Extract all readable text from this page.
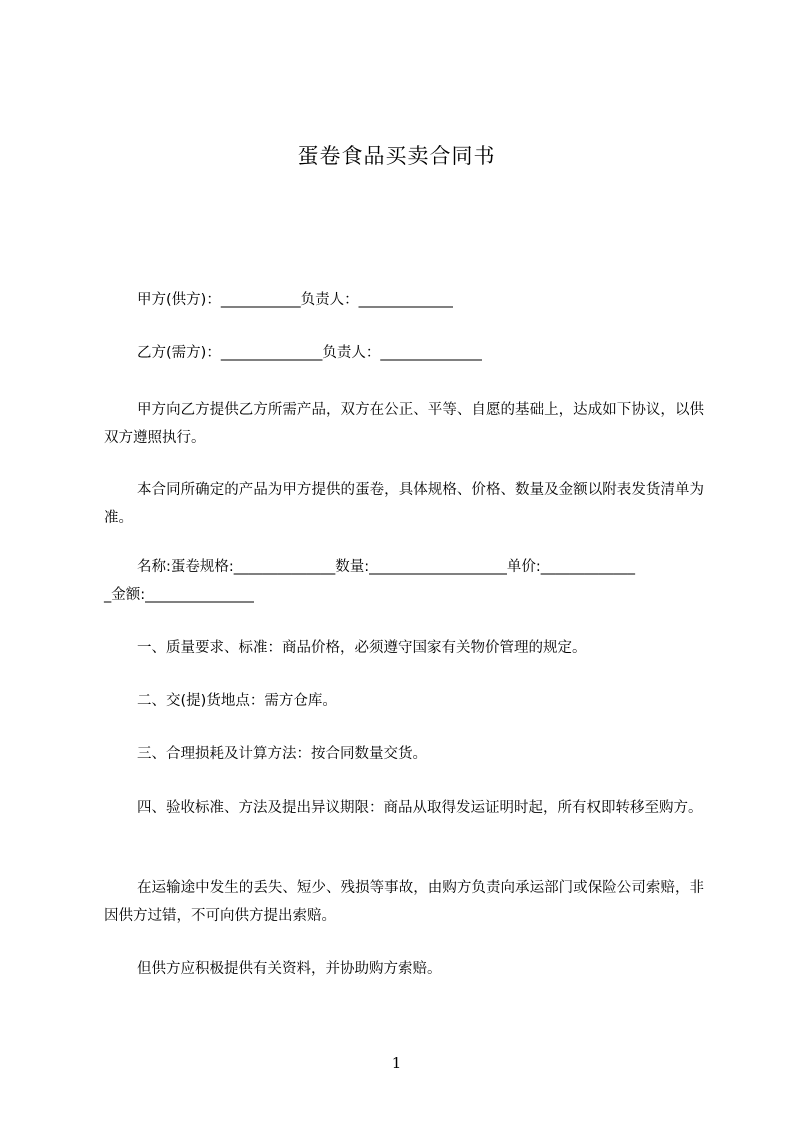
蛋卷食品买卖合同书
甲方(供方)：___________负责人：_____________
乙方(需方)：______________负责人：______________
甲方向乙方提供乙方所需产品，双方在公正、平等、自愿的基础上，达成如下协议，以供双方遵照执行。
本合同所确定的产品为甲方提供的蛋卷，具体规格、价格、数量及金额以附表发货清单为准。
名称:蛋卷规格:______________数量:___________________单价:_____________
_金额:_______________
一、质量要求、标准：商品价格，必须遵守国家有关物价管理的规定。
二、交(提)货地点：需方仓库。
三、合理损耗及计算方法：按合同数量交货。
四、验收标准、方法及提出异议期限：商品从取得发运证明时起，所有权即转移至购方。
在运输途中发生的丢失、短少、残损等事故，由购方负责向承运部门或保险公司索赔，非因供方过错，不可向供方提出索赔。
但供方应积极提供有关资料，并协助购方索赔。
1
